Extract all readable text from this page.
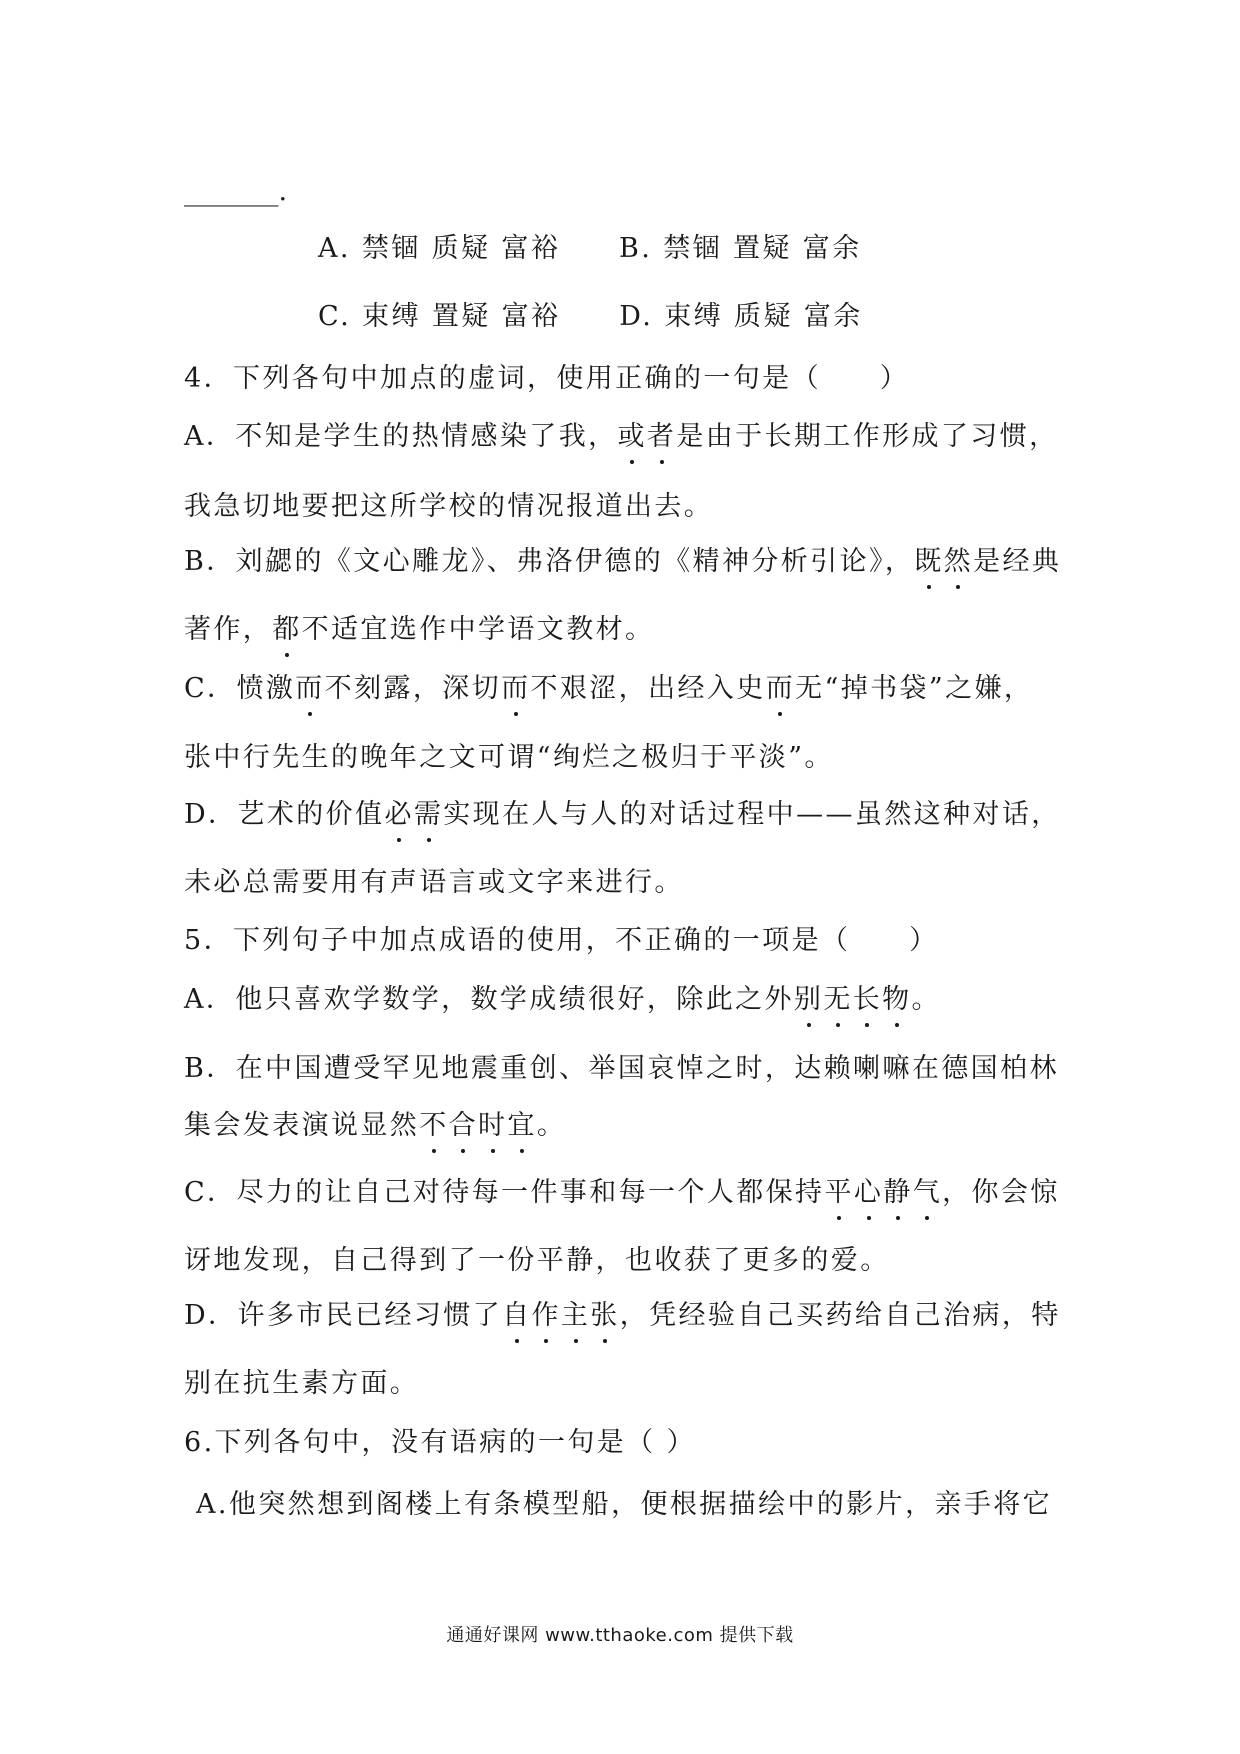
_______.

A. 禁锢 质疑 富裕　　B. 禁锢 置疑 富余

C. 束缚 置疑 富裕　　D. 束缚 质疑 富余

4．下列各句中加点的虚词，使用正确的一句是（　　）

A．不知是学生的热情感染了我，或者是由于长期工作形成了习惯，

我急切地要把这所学校的情况报道出去。

B．刘勰的《文心雕龙》、弗洛伊德的《精神分析引论》，既然是经典

著作，都不适宜选作中学语文教材。

C．愤激而不刻露，深切而不艰涩，出经入史而无“掉书袋”之嫌，

张中行先生的晚年之文可谓“绚烂之极归于平淡”。

D．艺术的价值必需实现在人与人的对话过程中——虽然这种对话，

未必总需要用有声语言或文字来进行。

5．下列句子中加点成语的使用，不正确的一项是（　　）

A．他只喜欢学数学，数学成绩很好，除此之外别无长物。

B．在中国遭受罕见地震重创、举国哀悼之时，达赖喇嘛在德国柏林

集会发表演说显然不合时宜。

C．尽力的让自己对待每一件事和每一个人都保持平心静气，你会惊

讶地发现，自己得到了一份平静，也收获了更多的爱。

D．许多市民已经习惯了自作主张，凭经验自己买药给自己治病，特

别在抗生素方面。

6.下列各句中，没有语病的一句是（ ）

A.他突然想到阁楼上有条模型船，便根据描绘中的影片，亲手将它

通通好课网 www.tthaoke.com 提供下载
